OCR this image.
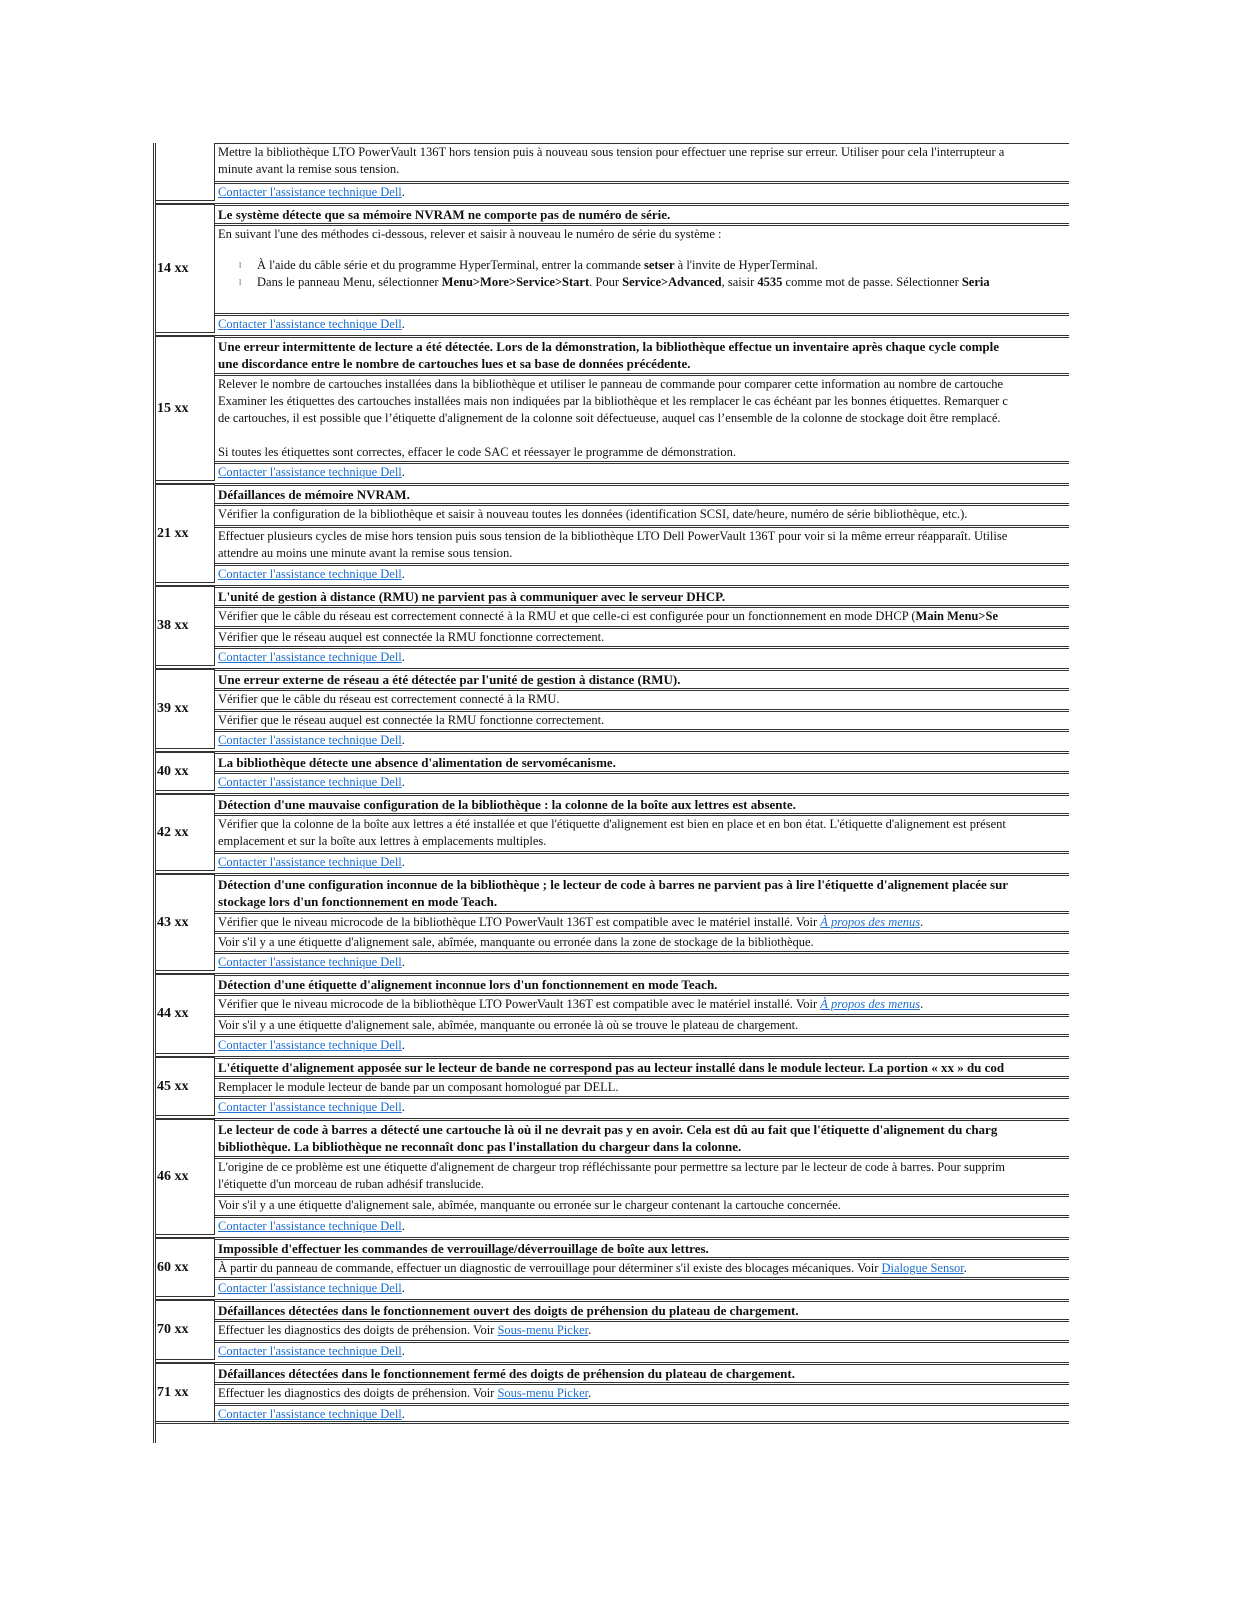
Mettre la bibliothèque LTO PowerVault 136T hors tension puis à nouveau sous tension pour effectuer une reprise sur erreur. Utiliser pour cela l'interrupteur a
minute avant la remise sous tension.
Contacter l'assistance technique Dell.
14 xx
Le système détecte que sa mémoire NVRAM ne comporte pas de numéro de série.
En suivant l'une des méthodes ci-dessous, relever et saisir à nouveau le numéro de série du système :
l À l'aide du câble série et du programme HyperTerminal, entrer la commande setser à l'invite de HyperTerminal.
l Dans le panneau Menu, sélectionner Menu>More>Service>Start. Pour Service>Advanced, saisir 4535 comme mot de passe. Sélectionner Seria
Contacter l'assistance technique Dell.
15 xx
Une erreur intermittente de lecture a été détectée. Lors de la démonstration, la bibliothèque effectue un inventaire après chaque cycle comple
une discordance entre le nombre de cartouches lues et sa base de données précédente.
Relever le nombre de cartouches installées dans la bibliothèque et utiliser le panneau de commande pour comparer cette information au nombre de cartouche
Examiner les étiquettes des cartouches installées mais non indiquées par la bibliothèque et les remplacer le cas échéant par les bonnes étiquettes. Remarquer c
de cartouches, il est possible que l’étiquette d'alignement de la colonne soit défectueuse, auquel cas l’ensemble de la colonne de stockage doit être remplacé.

Si toutes les étiquettes sont correctes, effacer le code SAC et réessayer le programme de démonstration.
Contacter l'assistance technique Dell.
21 xx
Défaillances de mémoire NVRAM.
Vérifier la configuration de la bibliothèque et saisir à nouveau toutes les données (identification SCSI, date/heure, numéro de série bibliothèque, etc.).
Effectuer plusieurs cycles de mise hors tension puis sous tension de la bibliothèque LTO Dell PowerVault 136T pour voir si la même erreur réapparaît. Utilise
attendre au moins une minute avant la remise sous tension.
Contacter l'assistance technique Dell.
38 xx
L'unité de gestion à distance (RMU) ne parvient pas à communiquer avec le serveur DHCP.
Vérifier que le câble du réseau est correctement connecté à la RMU et que celle-ci est configurée pour un fonctionnement en mode DHCP (Main Menu>Se
Vérifier que le réseau auquel est connectée la RMU fonctionne correctement.
Contacter l'assistance technique Dell.
39 xx
Une erreur externe de réseau a été détectée par l'unité de gestion à distance (RMU).
Vérifier que le câble du réseau est correctement connecté à la RMU.
Vérifier que le réseau auquel est connectée la RMU fonctionne correctement.
Contacter l'assistance technique Dell.
40 xx
La bibliothèque détecte une absence d'alimentation de servomécanisme.
Contacter l'assistance technique Dell.
42 xx
Détection d'une mauvaise configuration de la bibliothèque : la colonne de la boîte aux lettres est absente.
Vérifier que la colonne de la boîte aux lettres a été installée et que l'étiquette d'alignement est bien en place et en bon état. L'étiquette d'alignement est présent
emplacement et sur la boîte aux lettres à emplacements multiples.
Contacter l'assistance technique Dell.
43 xx
Détection d'une configuration inconnue de la bibliothèque ; le lecteur de code à barres ne parvient pas à lire l'étiquette d'alignement placée sur
stockage lors d'un fonctionnement en mode Teach.
Vérifier que le niveau microcode de la bibliothèque LTO PowerVault 136T est compatible avec le matériel installé. Voir À propos des menus.
Voir s'il y a une étiquette d'alignement sale, abîmée, manquante ou erronée dans la zone de stockage de la bibliothèque.
Contacter l'assistance technique Dell.
44 xx
Détection d'une étiquette d'alignement inconnue lors d'un fonctionnement en mode Teach.
Vérifier que le niveau microcode de la bibliothèque LTO PowerVault 136T est compatible avec le matériel installé. Voir À propos des menus.
Voir s'il y a une étiquette d'alignement sale, abîmée, manquante ou erronée là où se trouve le plateau de chargement.
Contacter l'assistance technique Dell.
45 xx
L'étiquette d'alignement apposée sur le lecteur de bande ne correspond pas au lecteur installé dans le module lecteur. La portion « xx » du cod
Remplacer le module lecteur de bande par un composant homologué par DELL.
Contacter l'assistance technique Dell.
46 xx
Le lecteur de code à barres a détecté une cartouche là où il ne devrait pas y en avoir. Cela est dû au fait que l'étiquette d'alignement du charg
bibliothèque. La bibliothèque ne reconnaît donc pas l'installation du chargeur dans la colonne.
L'origine de ce problème est une étiquette d'alignement de chargeur trop réfléchissante pour permettre sa lecture par le lecteur de code à barres. Pour supprim
l'étiquette d'un morceau de ruban adhésif translucide.
Voir s'il y a une étiquette d'alignement sale, abîmée, manquante ou erronée sur le chargeur contenant la cartouche concernée.
Contacter l'assistance technique Dell.
60 xx
Impossible d'effectuer les commandes de verrouillage/déverrouillage de boîte aux lettres.
À partir du panneau de commande, effectuer un diagnostic de verrouillage pour déterminer s'il existe des blocages mécaniques. Voir Dialogue Sensor.
Contacter l'assistance technique Dell.
70 xx
Défaillances détectées dans le fonctionnement ouvert des doigts de préhension du plateau de chargement.
Effectuer les diagnostics des doigts de préhension. Voir Sous-menu Picker.
Contacter l'assistance technique Dell.
71 xx
Défaillances détectées dans le fonctionnement fermé des doigts de préhension du plateau de chargement.
Effectuer les diagnostics des doigts de préhension. Voir Sous-menu Picker.
Contacter l'assistance technique Dell.
